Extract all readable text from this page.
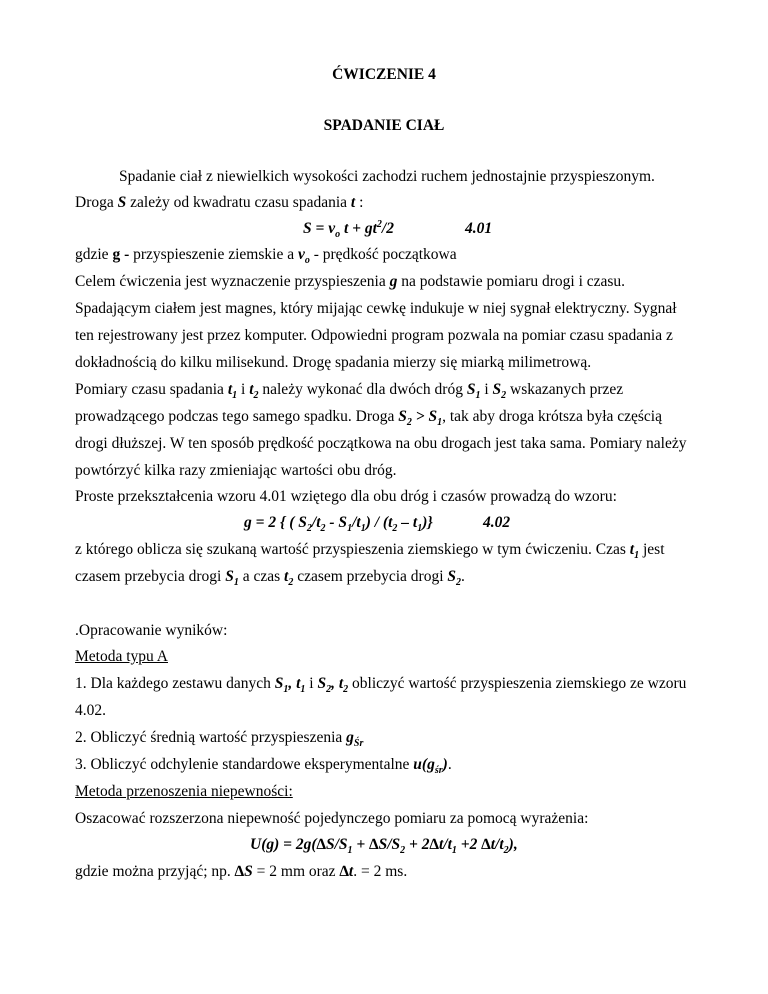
ĆWICZENIE 4
SPADANIE CIAŁ
Spadanie ciał z niewielkich wysokości zachodzi ruchem jednostajnie przyspieszonym.
Droga S zależy od kwadratu czasu spadania t :
$S = v_o$ $t + gt^2/2$	4.01
gdzie g - przyspieszenie ziemskie a $v_o$ - prędkość początkowa
Celem ćwiczenia jest wyznaczenie przyspieszenia g na podstawie pomiaru drogi i czasu.
Spadającym ciałem jest magnes, który mijając cewkę indukuje w niej sygnał elektryczny. Sygnał
ten rejestrowany jest przez komputer. Odpowiedni program pozwala na pomiar czasu spadania z
dokładnością do kilku milisekund. Drogę spadania mierzy się miarką milimetrową.
Pomiary czasu spadania $t_1$ i $t_2$ należy wykonać dla dwóch dróg $S_1$ i $S_2$ wskazanych przez
prowadzącego podczas tego samego spadku. Droga $S_2 > S_1$, tak aby droga krótsza była częścią
drogi dłuższej. W ten sposób prędkość początkowa na obu drogach jest taka sama. Pomiary należy
powtórzyć kilka razy zmieniając wartości obu dróg.
Proste przekształcenia wzoru 4.01 wziętego dla obu dróg i czasów prowadzą do wzoru:
g = 2 { ( $S_2/t_2 - S_1/t_1) / (t_2 - t_1)$}	4.02
z którego oblicza się szukaną wartość przyspieszenia ziemskiego w tym ćwiczeniu. Czas $t_1$ jest
czasem przebycia drogi $S_1$ a czas $t_2$ czasem przebycia drogi $S_2$.
.Opracowanie wyników:
Metoda typu A
1. Dla każdego zestawu danych $S_1$, $t_1$ i $S_2$, $t_2$ obliczyć wartość przyspieszenia ziemskiego ze wzoru
4.02.
2. Obliczyć średnią wartość przyspieszenia $g_{Śr}$
3. Obliczyć odchylenie standardowe eksperymentalne $u(g_{śr})$.
Metoda przenoszenia niepewności:
Oszacować rozszerzona niepewność pojedynczego pomiaru za pomocą wyrażenia:
$U(g) = 2g(\Delta S/S_1 + \Delta S/S_2 + 2\Delta t/t_1 +2$ $\Delta t/t_2$),
gdzie można przyjąć; np. ∆S = 2 mm oraz ∆t. = 2 ms.
